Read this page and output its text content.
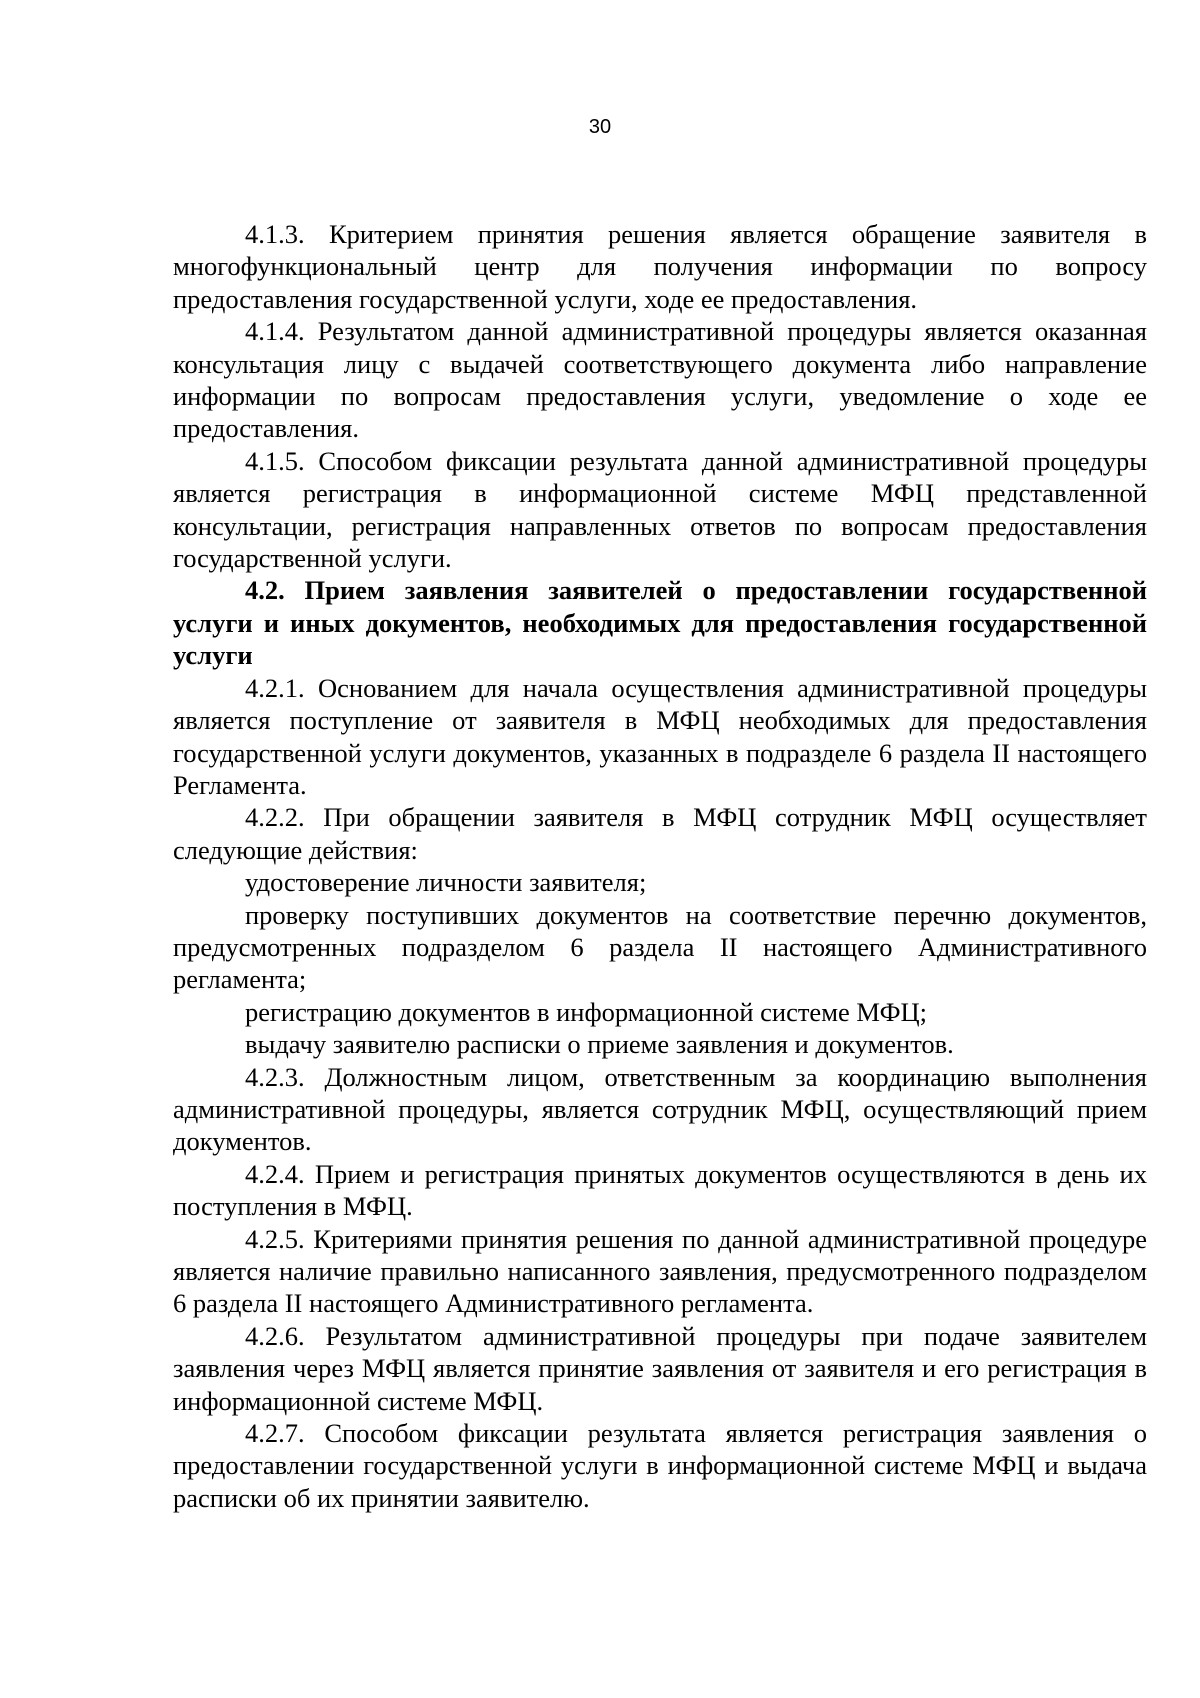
30

4.1.3. Критерием принятия решения является обращение заявителя в многофункциональный центр для получения информации по вопросу предоставления государственной услуги, ходе ее предоставления.

4.1.4. Результатом данной административной процедуры является оказанная консультация лицу с выдачей соответствующего документа либо направление информации по вопросам предоставления услуги, уведомление о ходе ее предоставления.

4.1.5. Способом фиксации результата данной административной процедуры является регистрация в информационной системе МФЦ представленной консультации, регистрация направленных ответов по вопросам предоставления государственной услуги.

4.2. Прием заявления заявителей о предоставлении государственной услуги и иных документов, необходимых для предоставления государственной услуги

4.2.1. Основанием для начала осуществления административной процедуры является поступление от заявителя в МФЦ необходимых для предоставления государственной услуги документов, указанных в подразделе 6 раздела II настоящего Регламента.

4.2.2. При обращении заявителя в МФЦ сотрудник МФЦ осуществляет следующие действия:

удостоверение личности заявителя;

проверку поступивших документов на соответствие перечню документов, предусмотренных подразделом 6 раздела II настоящего Административного регламента;

регистрацию документов в информационной системе МФЦ;

выдачу заявителю расписки о приеме заявления и документов.

4.2.3. Должностным лицом, ответственным за координацию выполнения административной процедуры, является сотрудник МФЦ, осуществляющий прием документов.

4.2.4. Прием и регистрация принятых документов осуществляются в день их поступления в МФЦ.

4.2.5. Критериями принятия решения по данной административной процедуре является наличие правильно написанного заявления, предусмотренного подразделом 6 раздела II настоящего Административного регламента.

4.2.6. Результатом административной процедуры при подаче заявителем заявления через МФЦ является принятие заявления от заявителя и его регистрация в информационной системе МФЦ.

4.2.7. Способом фиксации результата является регистрация заявления о предоставлении государственной услуги в информационной системе МФЦ и выдача расписки об их принятии заявителю.
